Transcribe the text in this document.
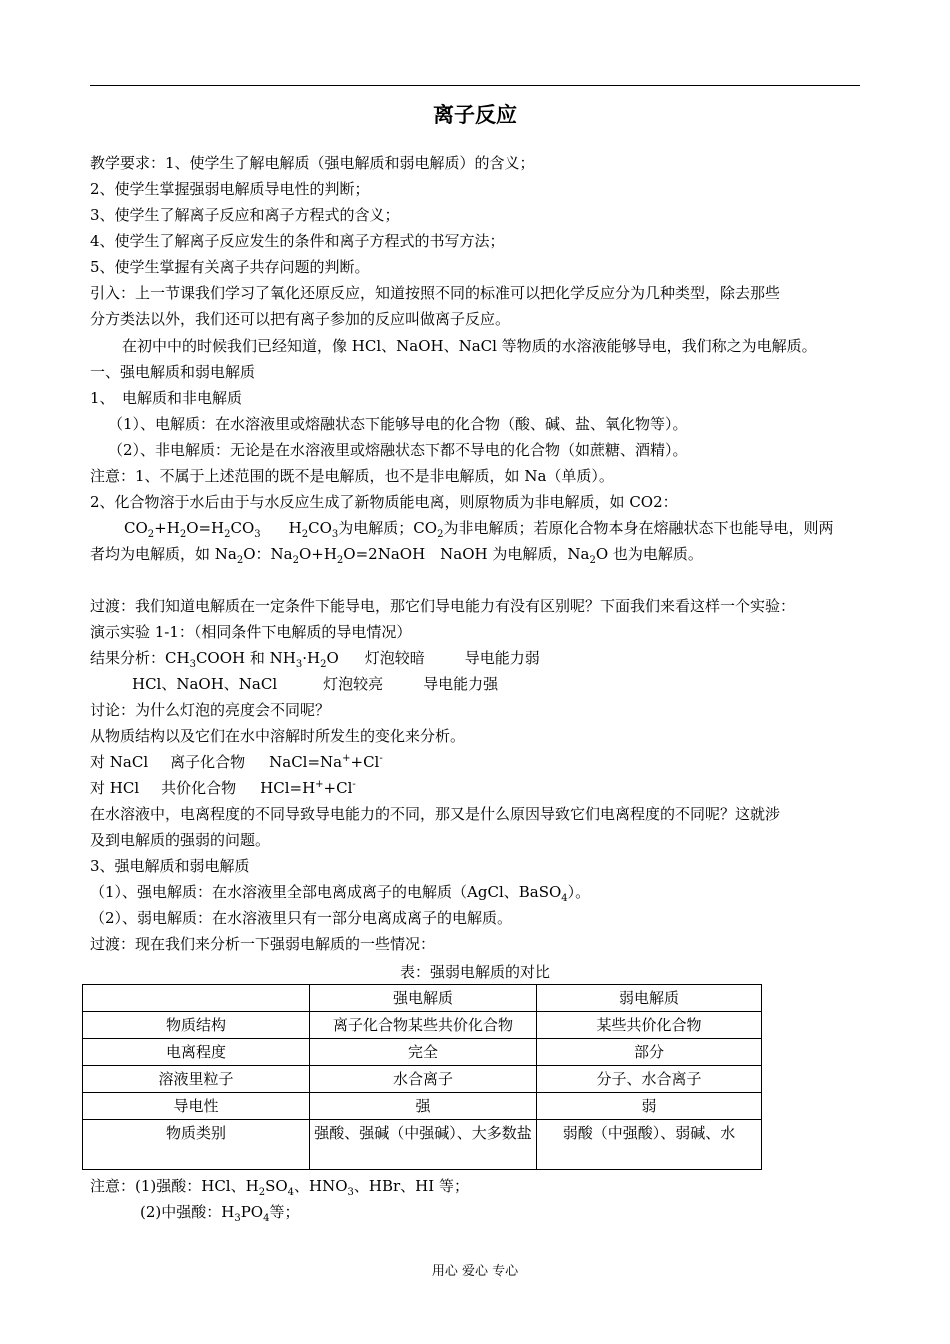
离子反应
教学要求：1、使学生了解电解质（强电解质和弱电解质）的含义；
2、使学生掌握强弱电解质导电性的判断；
3、使学生了解离子反应和离子方程式的含义；
4、使学生了解离子反应发生的条件和离子方程式的书写方法；
5、使学生掌握有关离子共存问题的判断。
引入：上一节课我们学习了氧化还原反应，知道按照不同的标准可以把化学反应分为几种类型，除去那些
分方类法以外，我们还可以把有离子参加的反应叫做离子反应。
在初中中的时候我们已经知道，像 HCl、NaOH、NaCl 等物质的水溶液能够导电，我们称之为电解质。
一、强电解质和弱电解质
1、　电解质和非电解质
（1）、电解质：在水溶液里或熔融状态下能够导电的化合物（酸、碱、盐、氧化物等）。
（2）、非电解质：无论是在水溶液里或熔融状态下都不导电的化合物（如蔗糖、酒精）。
注意：1、不属于上述范围的既不是电解质，也不是非电解质，如 Na（单质）。
2、化合物溶于水后由于与水反应生成了新物质能电离，则原物质为非电解质，如 CO2：
$CO_2+H_2O=H_2CO_3$ $H_2CO_3$为电解质；$CO_2$为非电解质；若原化合物本身在熔融状态下也能导电，则两
者均为电解质，如 $Na_2O$：$Na_2O+H_2O=2NaOH$　NaOH 为电解质，$Na_2O$ 也为电解质。
过渡：我们知道电解质在一定条件下能导电，那它们导电能力有没有区别呢？下面我们来看这样一个实验：
演示实验 1-1：（相同条件下电解质的导电情况）
结果分析：$CH_3COOH$ 和 $NH_3\cdot H_2O$ 灯泡较暗	导电能力弱
HCl、NaOH、NaCl	灯泡较亮	导电能力强
讨论：为什么灯泡的亮度会不同呢？
从物质结构以及它们在水中溶解时所发生的变化来分析。
对 NaCl 离子化合物 NaCl=Na++Cl-
对 HCl 共价化合物 HCl=H++Cl-
在水溶液中，电离程度的不同导致导电能力的不同，那又是什么原因导致它们电离程度的不同呢？这就涉
及到电解质的强弱的问题。
3、强电解质和弱电解质
（1）、强电解质：在水溶液里全部电离成离子的电解质（AgCl、BaSO$_4$）。
（2）、弱电解质：在水溶液里只有一部分电离成离子的电解质。
过渡：现在我们来分析一下强弱电解质的一些情况：
表：强弱电解质的对比
	强电解质	弱电解质
物质结构	离子化合物某些共价化合物	某些共价化合物
电离程度	完全	部分
溶液里粒子	水合离子	分子、水合离子
导电性	强	弱
物质类别	强酸、强碱（中强碱）、大多数盐	弱酸（中强酸）、弱碱、水
注意：(1)强酸：HCl、$H_2SO_4$、$HNO_3$、HBr、HI 等；
(2)中强酸：$H_3PO_4$等；
用心 爱心 专心
